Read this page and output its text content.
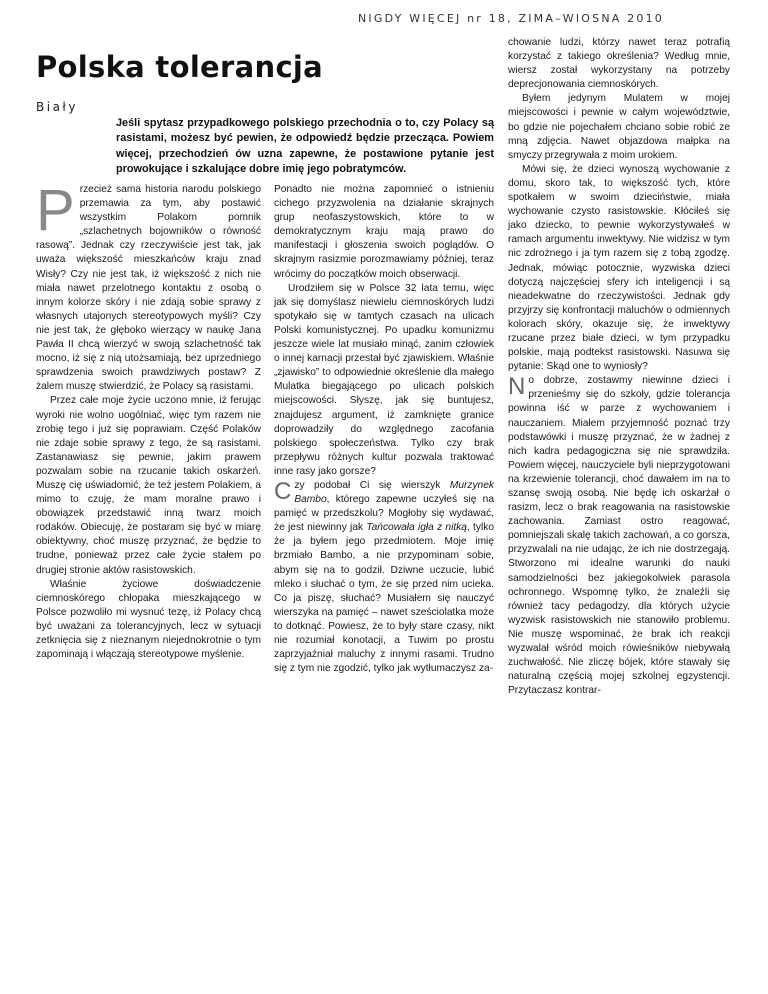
NIGDY WIĘCEJ nr 18, ZIMA–WIOSNA 2010
Polska tolerancja
Biały

Jeśli spytasz przypadkowego polskiego przechodnia o to, czy Polacy są rasistami, możesz być pewien, że odpowiedź będzie przecząca. Powiem więcej, przechodzień ów uzna zapewne, że postawione pytanie jest prowokujące i szkalujące dobre imię jego pobratymców.

Przecież sama historia narodu polskiego przemawia za tym, aby postawić wszystkim Polakom pomnik „szlachetnych bojowników o równość rasową”. Jednak czy rzeczywiście jest tak, jak uważa większość mieszkańców kraju znad Wisły? Czy nie jest tak, iż większość z nich nie miała nawet przelotnego kontaktu z osobą o innym kolorze skóry i nie zdają sobie sprawy z własnych utajonych stereotypowych myśli? Czy nie jest tak, że głęboko wierzący w naukę Jana Pawła II chcą wierzyć w swoją szlachetność tak mocno, iż się z nią utożsamiają, bez uprzedniego sprawdzenia swoich prawdziwych postaw? Z żalem muszę stwierdzić, że Polacy są rasistami.

Przez całe moje życie uczono mnie, iż ferując wyroki nie wolno uogólniać, więc tym razem nie zrobię tego i już się poprawiam. Część Polaków nie zdaje sobie sprawy z tego, że są rasistami. Zastanawiasz się pewnie, jakim prawem pozwalam sobie na rzucanie takich oskarżeń. Muszę cię uświadomić, że też jestem Polakiem, a mimo to czuję, że mam moralne prawo i obowiązek przedstawić inną twarz moich rodaków. Obiecuję, że postaram się być w miarę obiektywny, choć muszę przyznać, że będzie to trudne, ponieważ przez całe życie stałem po drugiej stronie aktów rasistowskich.

Właśnie życiowe doświadczenie ciemnoskórego chłopaka mieszkającego w Polsce pozwoliło mi wysnuć tezę, iż Polacy chcą być uważani za tolerancyjnych, lecz w sytuacji zetknięcia się z nieznanym niejednokrotnie o tym zapominają i włączają stereotypowe myślenie.

Ponadto nie można zapomnieć o istnieniu cichego przyzwolenia na działanie skrajnych grup neofaszystowskich, które to w demokratycznym kraju mają prawo do manifestacji i głoszenia swoich poglądów. O skrajnym rasizmie porozmawiamy później, teraz wrócimy do początków moich obserwacji.

Urodziłem się w Polsce 32 lata temu, więc jak się domyślasz niewielu ciemnoskórych ludzi spotykało się w tamtych czasach na ulicach Polski komunistycznej. Po upadku komunizmu jeszcze wiele lat musiało minąć, zanim człowiek o innej karnacji przestał być zjawiskiem. Właśnie „zjawisko” to odpowiednie określenie dla małego Mulatka biegającego po ulicach polskich miejscowości. Słyszę, jak się buntujesz, znajdujesz argument, iż zamknięte granice doprowadziły do względnego zacofania polskiego społeczeństwa. Tylko czy brak przepływu różnych kultur pozwala traktować inne rasy jako gorsze?

Czy podobał Ci się wierszyk Murzynek Bambo, którego zapewne uczyłeś się na pamięć w przedszkolu? Mogłoby się wydawać, że jest niewinny jak Tańcowała igła z nitką, tylko że ja byłem jego przedmiotem. Moje imię brzmiało Bambo, a nie przypominam sobie, abym się na to godził. Dziwne uczucie, lubić mleko i słuchać o tym, że się przed nim ucieka. Co ja piszę, słuchać? Musiałem się nauczyć wierszyka na pamięć – nawet sześciolatka może to dotknąć. Powiesz, że to były stare czasy, nikt nie rozumiał konotacji, a Tuwim po prostu zaprzyjaźniał maluchy z innymi rasami. Trudno się z tym nie zgodzić, tylko jak wytłumaczysz za-

chowanie ludzi, którzy nawet teraz potrafią korzystać z takiego określenia? Według mnie, wiersz został wykorzystany na potrzeby deprecjonowania ciemnoskórych.

Byłem jedynym Mulatem w mojej miejscowości i pewnie w całym województwie, bo gdzie nie pojechałem chciano sobie robić ze mną zdjęcia. Nawet objazdowa małpka na smyczy przegrywała z moim urokiem.

Mówi się, że dzieci wynoszą wychowanie z domu, skoro tak, to większość tych, które spotkałem w swoim dzieciństwie, miała wychowanie czysto rasistowskie. Kłóciłeś się jako dziecko, to pewnie wykorzystywałeś w ramach argumentu inwektywy. Nie widzisz w tym nic zdrożnego i ja tym razem się z tobą zgodzę. Jednak, mówiąc potocznie, wyzwiska dzieci dotyczą najczęściej sfery ich inteligencji i są nieadekwatne do rzeczywistości. Jednak gdy przyjrzy się konfrontacji maluchów o odmiennych kolorach skóry, okazuje się, że inwektywy rzucane przez białe dzieci, w tym przypadku polskie, mają podtekst rasistowski. Nasuwa się pytanie: Skąd one to wyniosły?

No dobrze, zostawmy niewinne dzieci i przenieśmy się do szkoły, gdzie tolerancja powinna iść w parze z wychowaniem i nauczaniem. Miałem przyjemność poznać trzy podstawówki i muszę przyznać, że w żadnej z nich kadra pedagogiczna się nie sprawdziła. Powiem więcej, nauczyciele byli nieprzygotowani na krzewienie tolerancji, choć dawałem im na to szansę swoją osobą. Nie będę ich oskarżał o rasizm, lecz o brak reagowania na rasistowskie zachowania. Zamiast ostro reagować, pomniejszali skalę takich zachowań, a co gorsza, przyzwalali na nie udając, że ich nie dostrzegają. Stworzono mi idealne warunki do nauki samodzielności bez jakiegokolwiek parasola ochronnego. Wspomnę tylko, że znaleźli się również tacy pedagodzy, dla których użycie wyzwisk rasistowskich nie stanowiło problemu. Nie muszę wspominać, że brak ich reakcji wyzwalał wśród moich rówieśników niebywałą zuchwałość. Nie zliczę bójek, które stawały się naturalną częścią mojej szkolnej egzystencji. Przytaczasz kontrar-
